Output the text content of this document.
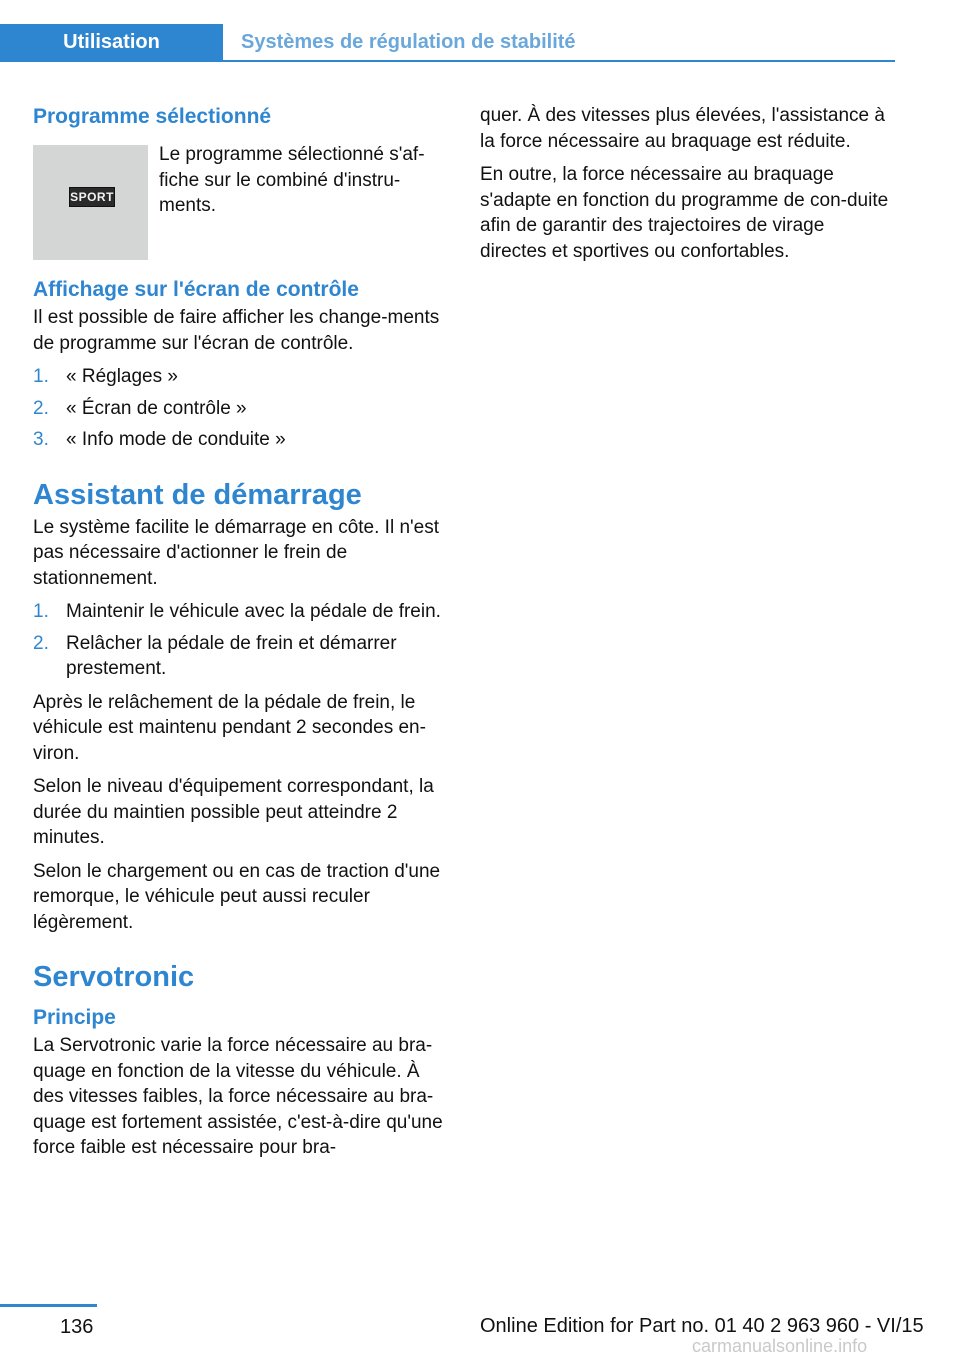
Utilisation	Systèmes de régulation de stabilité
Programme sélectionné
SPORT

Le programme sélectionné s'af-fiche sur le combiné d'instru-ments.

Affichage sur l'écran de contrôle

Il est possible de faire afficher les change-ments de programme sur l'écran de contrôle.

1. « Réglages »
2. « Écran de contrôle »
3. « Info mode de conduite »
Assistant de démarrage

Le système facilite le démarrage en côte. Il n'est pas nécessaire d'actionner le frein de stationnement.

1. Maintenir le véhicule avec la pédale de frein.
2. Relâcher la pédale de frein et démarrer prestement.

Après le relâchement de la pédale de frein, le véhicule est maintenu pendant 2 secondes en-viron.

Selon le niveau d'équipement correspondant, la durée du maintien possible peut atteindre 2 minutes.

Selon le chargement ou en cas de traction d'une remorque, le véhicule peut aussi reculer légèrement.

Servotronic
Principe

La Servotronic varie la force nécessaire au bra-quage en fonction de la vitesse du véhicule. À des vitesses faibles, la force nécessaire au bra-quage est fortement assistée, c'est-à-dire qu'une force faible est nécessaire pour bra-

quer. À des vitesses plus élevées, l'assistance à la force nécessaire au braquage est réduite.

En outre, la force nécessaire au braquage s'adapte en fonction du programme de con-duite afin de garantir des trajectoires de virage directes et sportives ou confortables.

136	Online Edition for Part no. 01 40 2 963 960 - VI/15
carmanualsonline.info
